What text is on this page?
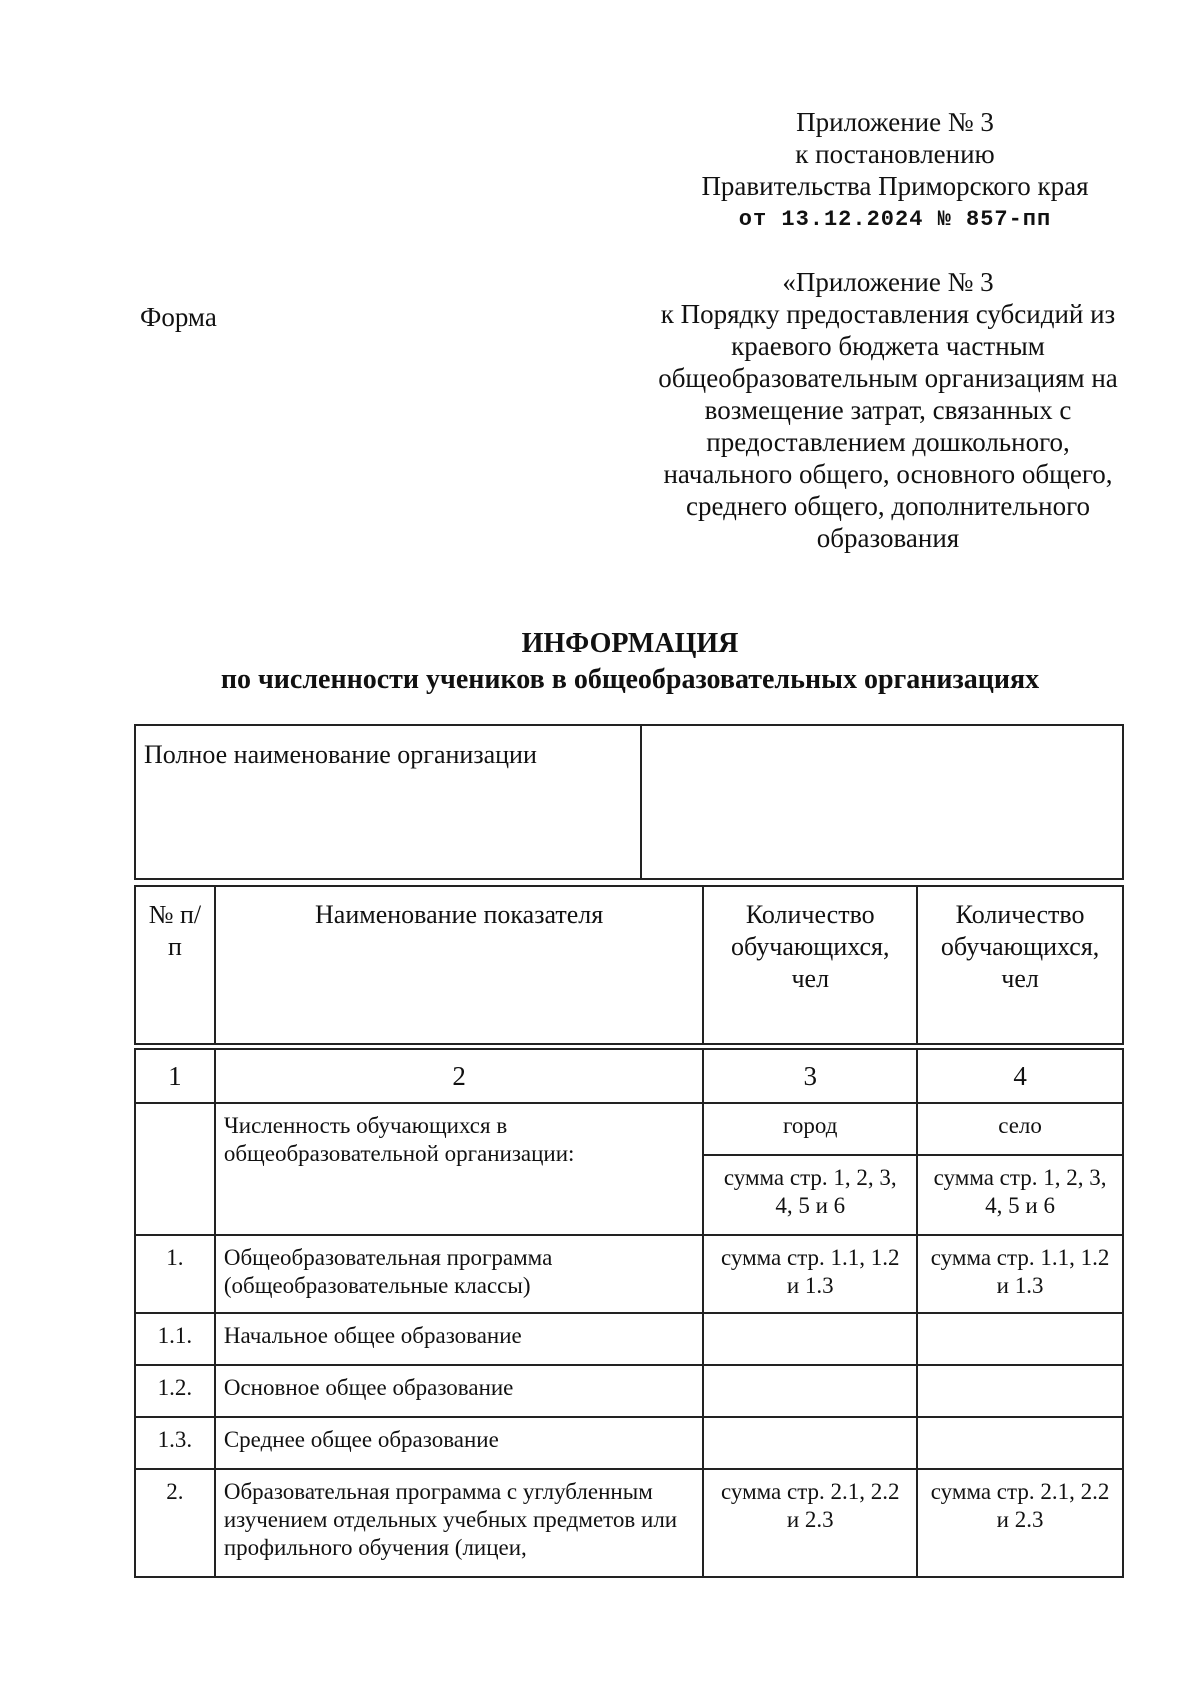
Приложение № 3
к постановлению
Правительства Приморского края
от 13.12.2024 № 857-пп
Форма
«Приложение № 3
к Порядку предоставления субсидий из
краевого бюджета частным
общеобразовательным организациям на
возмещение затрат, связанных с
предоставлением дошкольного,
начального общего, основного общего,
среднего общего, дополнительного
образования
ИНФОРМАЦИЯ
по численности учеников в общеобразовательных организациях
Полное наименование организации	
№ п/п	Наименование показателя	Количество обучающихся, чел	Количество обучающихся, чел

1	2	3	4
	Численность обучающихся в общеобразовательной организации:	город	село
		сумма стр. 1, 2, 3, 4, 5 и 6	сумма стр. 1, 2, 3, 4, 5 и 6
1.	Общеобразовательная программа (общеобразовательные классы)	сумма стр. 1.1, 1.2 и 1.3	сумма стр. 1.1, 1.2 и 1.3
1.1.	Начальное общее образование		
1.2.	Основное общее образование		
1.3.	Среднее общее образование		
2.	Образовательная программа с углубленным изучением отдельных учебных предметов или профильного обучения (лицеи,	сумма стр. 2.1, 2.2 и 2.3	сумма стр. 2.1, 2.2 и 2.3
